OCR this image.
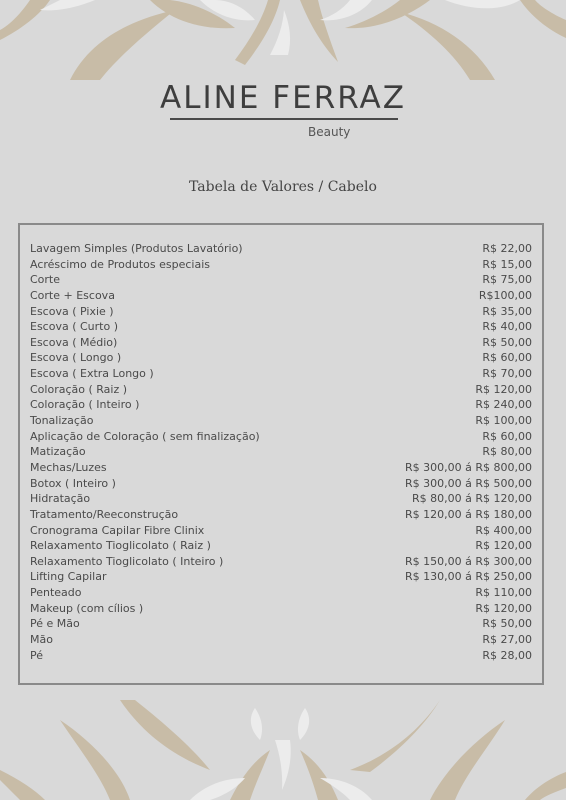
ALINE FERRAZ
Beauty
Tabela de Valores / Cabelo
Lavagem Simples (Produtos Lavatório)	R$ 22,00
Acréscimo de Produtos especiais	R$ 15,00
Corte	R$ 75,00
Corte + Escova	R$100,00
Escova ( Pixie )	R$ 35,00
Escova ( Curto )	R$ 40,00
Escova ( Médio)	R$ 50,00
Escova ( Longo )	R$ 60,00
Escova ( Extra Longo )	R$ 70,00
Coloração ( Raiz )	R$ 120,00
Coloração ( Inteiro )	R$ 240,00
Tonalização	R$ 100,00
Aplicação de Coloração ( sem finalização)	R$ 60,00
Matização	R$ 80,00
Mechas/Luzes	R$ 300,00 á R$ 800,00
Botox ( Inteiro )	R$ 300,00 á R$ 500,00
Hidratação	R$ 80,00 á R$ 120,00
Tratamento/Reeconstrução	R$ 120,00 á R$ 180,00
Cronograma Capilar Fibre Clinix	R$ 400,00
Relaxamento Tioglicolato ( Raiz )	R$ 120,00
Relaxamento Tioglicolato ( Inteiro )	R$ 150,00 á R$ 300,00
Lifting Capilar	R$ 130,00 á R$ 250,00
Penteado	R$ 110,00
Makeup (com cílios )	R$ 120,00
Pé e Mão	R$ 50,00
Mão	R$ 27,00
Pé	R$ 28,00
